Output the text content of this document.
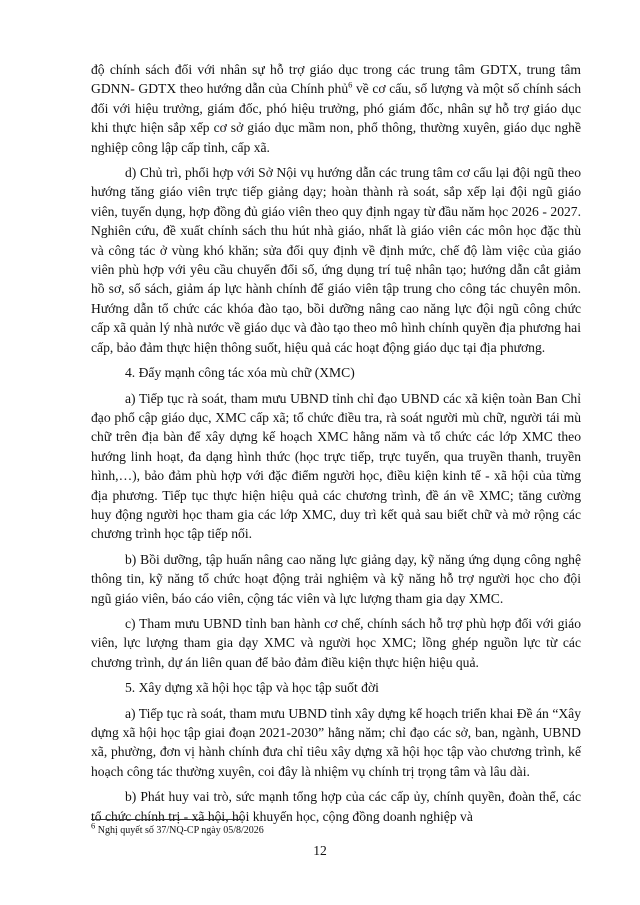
độ chính sách đối với nhân sự hỗ trợ giáo dục trong các trung tâm GDTX, trung tâm GDNN- GDTX theo hướng dẫn của Chính phủ$^6$ về cơ cấu, số lượng và một số chính sách đối với hiệu trưởng, giám đốc, phó hiệu trưởng, phó giám đốc, nhân sự hỗ trợ giáo dục khi thực hiện sắp xếp cơ sở giáo dục mầm non, phổ thông, thường xuyên, giáo dục nghề nghiệp công lập cấp tỉnh, cấp xã.

d) Chủ trì, phối hợp với Sở Nội vụ hướng dẫn các trung tâm cơ cấu lại đội ngũ theo hướng tăng giáo viên trực tiếp giảng dạy; hoàn thành rà soát, sắp xếp lại đội ngũ giáo viên, tuyển dụng, hợp đồng đủ giáo viên theo quy định ngay từ đầu năm học 2026 - 2027. Nghiên cứu, đề xuất chính sách thu hút nhà giáo, nhất là giáo viên các môn học đặc thù và công tác ở vùng khó khăn; sửa đổi quy định về định mức, chế độ làm việc của giáo viên phù hợp với yêu cầu chuyển đổi số, ứng dụng trí tuệ nhân tạo; hướng dẫn cắt giảm hồ sơ, sổ sách, giảm áp lực hành chính để giáo viên tập trung cho công tác chuyên môn. Hướng dẫn tổ chức các khóa đào tạo, bồi dưỡng nâng cao năng lực đội ngũ công chức cấp xã quản lý nhà nước về giáo dục và đào tạo theo mô hình chính quyền địa phương hai cấp, bảo đảm thực hiện thông suốt, hiệu quả các hoạt động giáo dục tại địa phương.

4. Đẩy mạnh công tác xóa mù chữ (XMC)

a) Tiếp tục rà soát, tham mưu UBND tỉnh chỉ đạo UBND các xã kiện toàn Ban Chỉ đạo phổ cập giáo dục, XMC cấp xã; tổ chức điều tra, rà soát người mù chữ, người tái mù chữ trên địa bàn để xây dựng kế hoạch XMC hằng năm và tổ chức các lớp XMC theo hướng linh hoạt, đa dạng hình thức (học trực tiếp, trực tuyến, qua truyền thanh, truyền hình,…), bảo đảm phù hợp với đặc điểm người học, điều kiện kinh tế - xã hội của từng địa phương. Tiếp tục thực hiện hiệu quả các chương trình, đề án về XMC; tăng cường huy động người học tham gia các lớp XMC, duy trì kết quả sau biết chữ và mở rộng các chương trình học tập tiếp nối.

b) Bồi dưỡng, tập huấn nâng cao năng lực giảng dạy, kỹ năng ứng dụng công nghệ thông tin, kỹ năng tổ chức hoạt động trải nghiệm và kỹ năng hỗ trợ người học cho đội ngũ giáo viên, báo cáo viên, cộng tác viên và lực lượng tham gia dạy XMC.

c) Tham mưu UBND tỉnh ban hành cơ chế, chính sách hỗ trợ phù hợp đối với giáo viên, lực lượng tham gia dạy XMC và người học XMC; lồng ghép nguồn lực từ các chương trình, dự án liên quan để bảo đảm điều kiện thực hiện hiệu quả.

5. Xây dựng xã hội học tập và học tập suốt đời

a) Tiếp tục rà soát, tham mưu UBND tỉnh xây dựng kế hoạch triển khai Đề án “Xây dựng xã hội học tập giai đoạn 2021-2030” hằng năm; chỉ đạo các sở, ban, ngành, UBND xã, phường, đơn vị hành chính đưa chỉ tiêu xây dựng xã hội học tập vào chương trình, kế hoạch công tác thường xuyên, coi đây là nhiệm vụ chính trị trọng tâm và lâu dài.

b) Phát huy vai trò, sức mạnh tổng hợp của các cấp ủy, chính quyền, đoàn thể, các tổ chức chính trị - xã hội, hội khuyến học, cộng đồng doanh nghiệp và

$^6$ Nghị quyết số 37/NQ-CP ngày 05/8/2026
12
